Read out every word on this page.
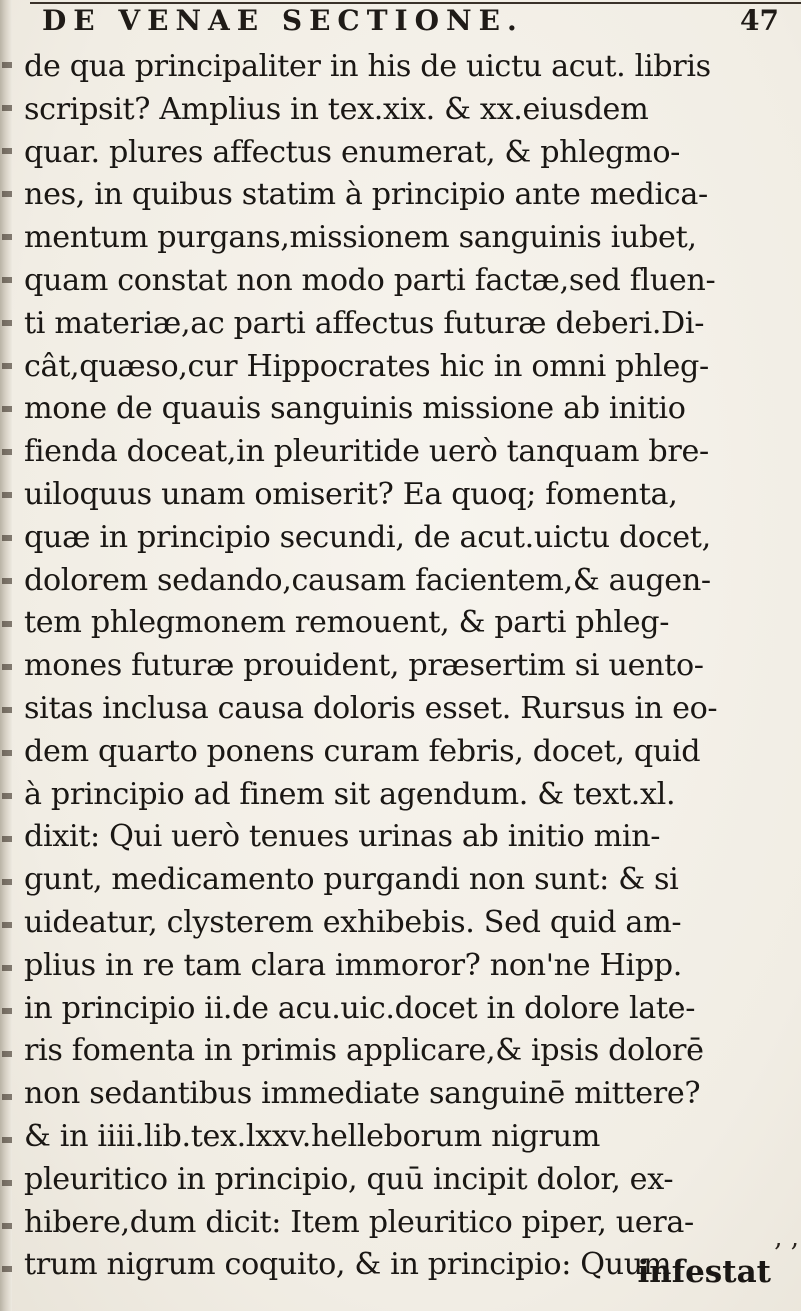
DE VENAE SECTIONE.	47
de qua principaliter in his de uictu acut. libris
scripsit? Amplius in tex.xix. & xx.eiusdem
quar. plures affectus enumerat, & phlegmo-
nes, in quibus statim à principio ante medica-
mentum purgans,missionem sanguinis iubet,
quam constat non modo parti factæ,sed fluen-
ti materiæ,ac parti affectus futuræ deberi.Di-
cât,quæso,cur Hippocrates hic in omni phleg-
mone de quauis sanguinis missione ab initio
fienda doceat,in pleuritide uerò tanquam bre-
uiloquus unam omiserit? Ea quoq; fomenta,
quæ in principio secundi, de acut.uictu docet,
dolorem sedando,causam facientem,& augen-
tem phlegmonem remouent, & parti phleg-
mones futuræ prouident, præsertim si uento-
sitas inclusa causa doloris esset. Rursus in eo-
dem quarto ponens curam febris, docet, quid
à principio ad finem sit agendum. & text.xl.
dixit: Qui uerò tenues urinas ab initio min-
gunt, medicamento purgandi non sunt: & si
uideatur, clysterem exhibebis. Sed quid am-
plius in re tam clara immoror? non'ne Hipp.
in principio ii.de acu.uic.docet in dolore late-
ris fomenta in primis applicare,& ipsis dolorē
non sedantibus immediate sanguinē mittere?
& in iiii.lib.tex.lxxv.helleborum nigrum
pleuritico in principio, quū incipit dolor, ex-
hibere,dum dicit: Item pleuritico piper, uera-
trum nigrum coquito, & in principio: Quum
, ,
infestat
